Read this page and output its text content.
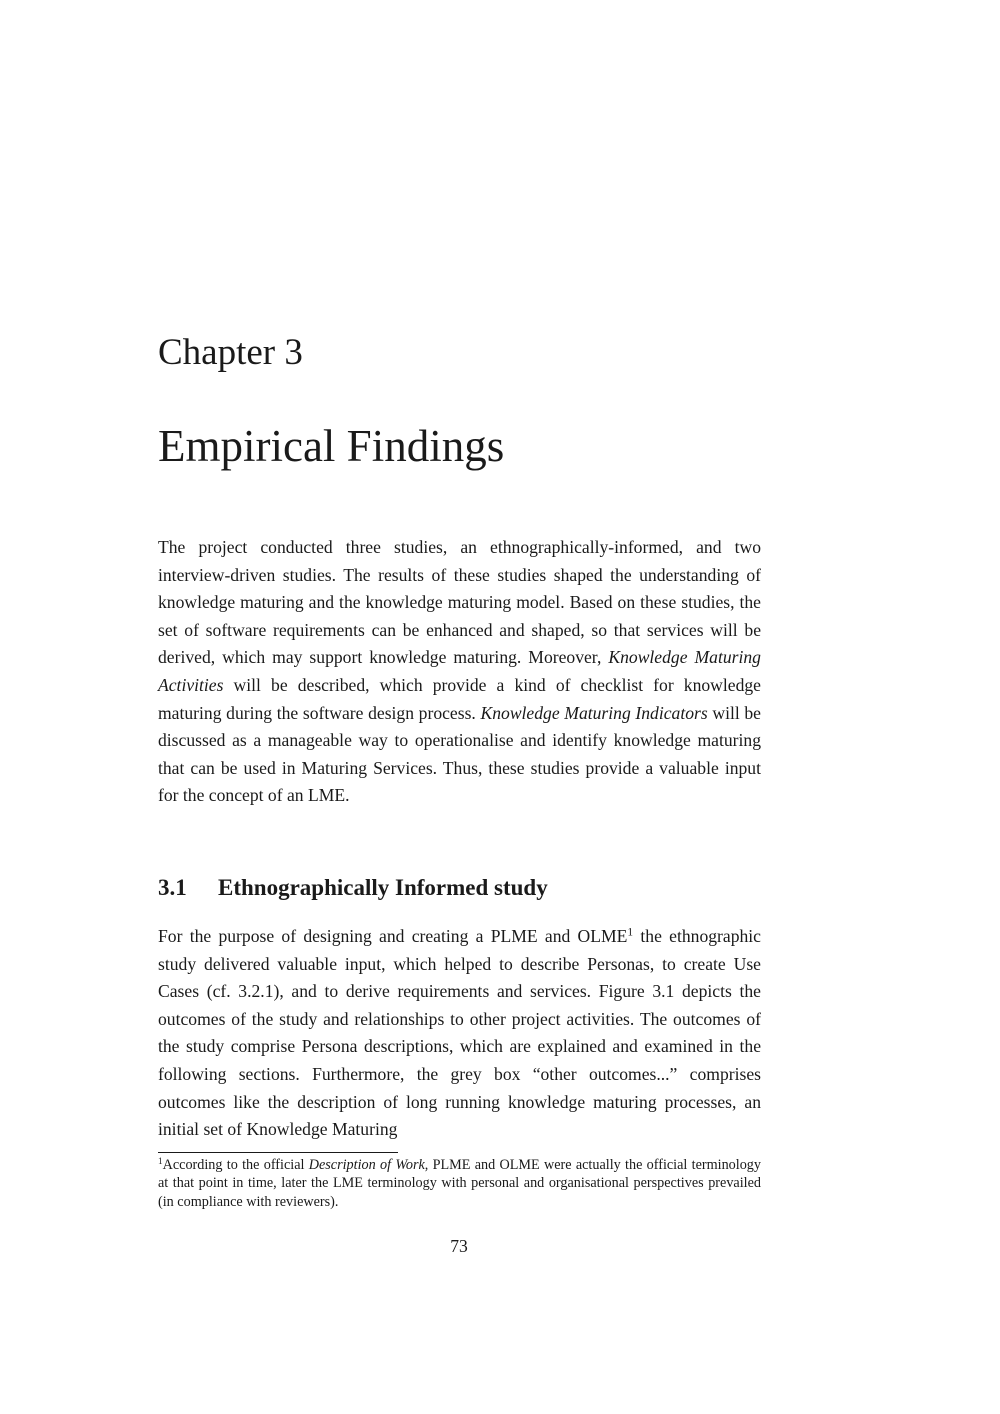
Chapter 3
Empirical Findings

The project conducted three studies, an ethnographically-informed, and two interview-driven studies. The results of these studies shaped the understanding of knowledge maturing and the knowledge maturing model. Based on these studies, the set of software requirements can be enhanced and shaped, so that services will be derived, which may support knowledge maturing. Moreover, Knowledge Maturing Activities will be described, which provide a kind of checklist for knowledge maturing during the software design process. Knowledge Maturing Indicators will be discussed as a manageable way to operationalise and identify knowledge maturing that can be used in Maturing Services. Thus, these studies provide a valuable input for the concept of an LME.

3.1 Ethnographically Informed study

For the purpose of designing and creating a PLME and OLME$^1$ the ethnographic study delivered valuable input, which helped to describe Personas, to create Use Cases (cf. 3.2.1), and to derive requirements and services. Figure 3.1 depicts the outcomes of the study and relationships to other project activities. The outcomes of the study comprise Persona descriptions, which are explained and examined in the following sections. Furthermore, the grey box “other outcomes...” comprises outcomes like the description of long running knowledge maturing processes, an initial set of Knowledge Maturing

$^1$According to the official Description of Work, PLME and OLME were actually the official terminology at that point in time, later the LME terminology with personal and organisational perspectives prevailed (in compliance with reviewers).

73
